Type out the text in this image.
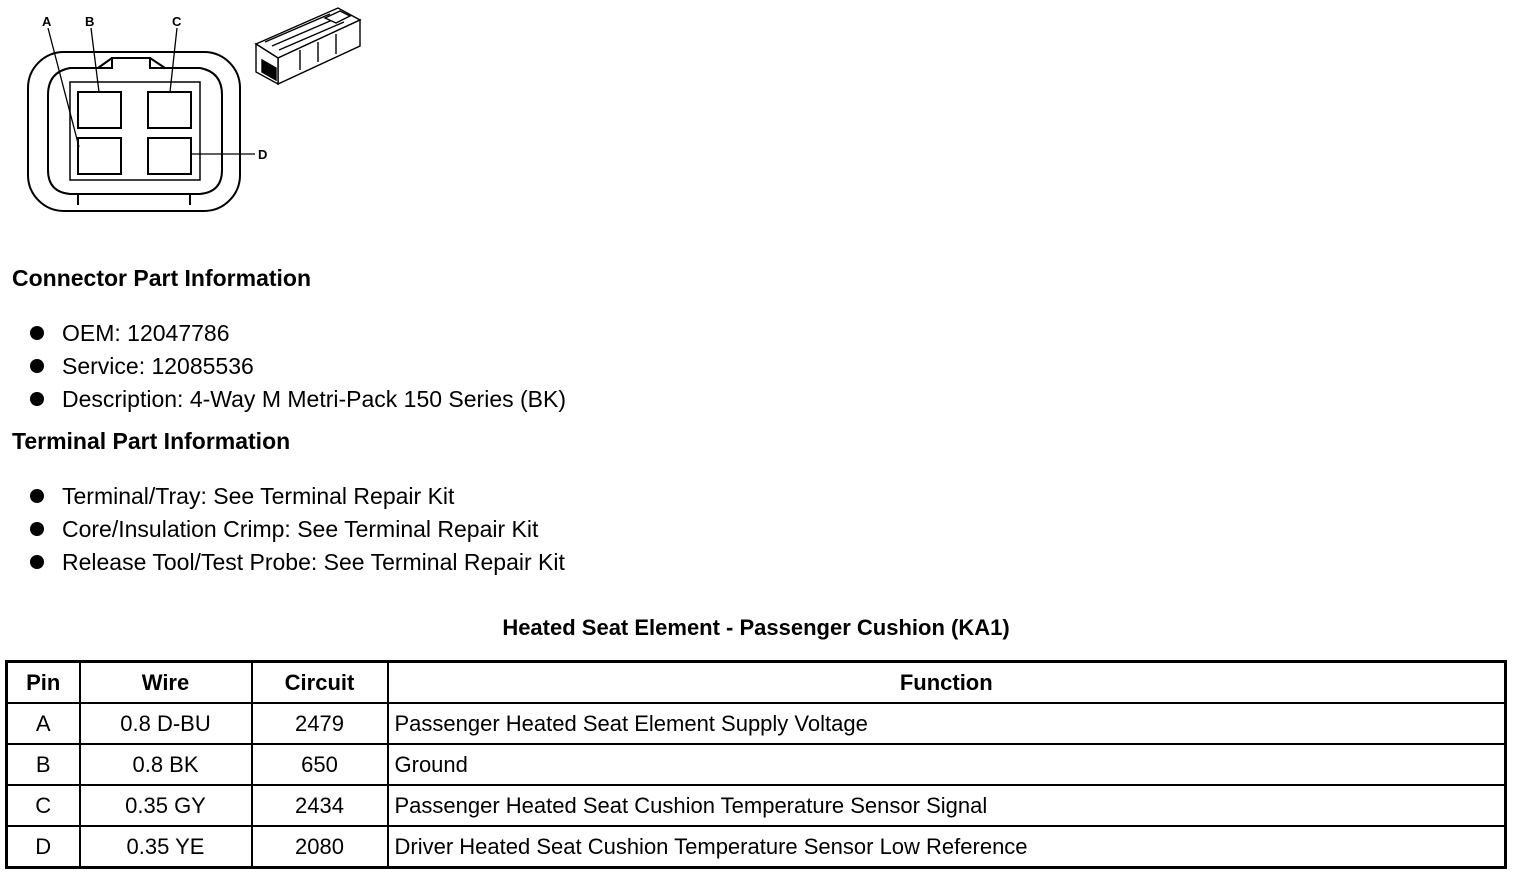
A	B	C
D
Connector Part Information
OEM: 12047786
Service: 12085536
Description: 4-Way M Metri-Pack 150 Series (BK)
Terminal Part Information
Terminal/Tray: See Terminal Repair Kit
Core/Insulation Crimp: See Terminal Repair Kit
Release Tool/Test Probe: See Terminal Repair Kit
Heated Seat Element - Passenger Cushion (KA1)
Pin	Wire	Circuit	Function
A	0.8 D-BU	2479	Passenger Heated Seat Element Supply Voltage
B	0.8 BK	650	Ground
C	0.35 GY	2434	Passenger Heated Seat Cushion Temperature Sensor Signal
D	0.35 YE	2080	Driver Heated Seat Cushion Temperature Sensor Low Reference
